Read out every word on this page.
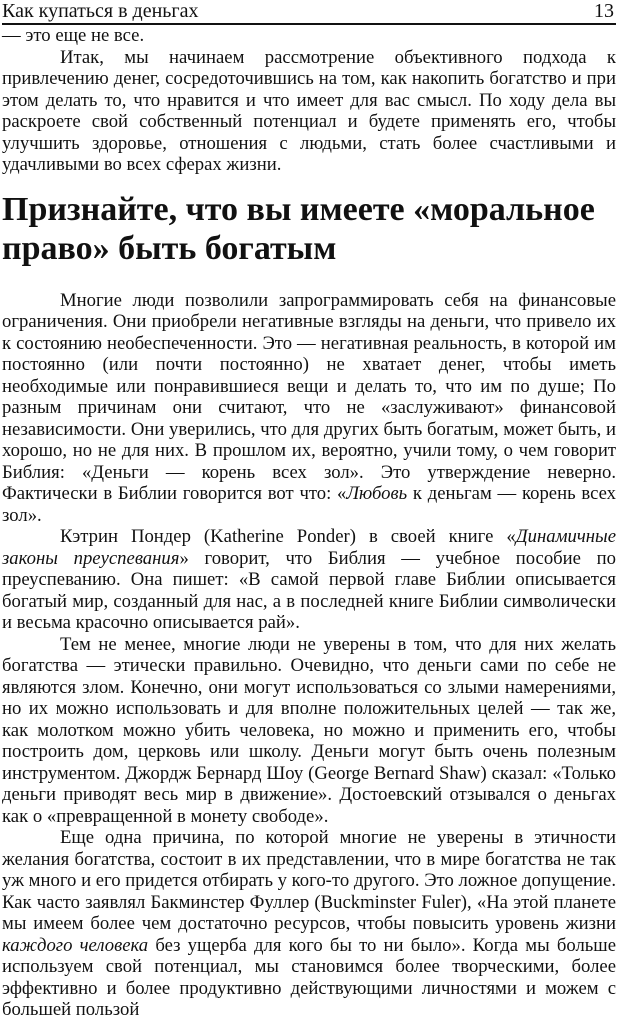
Как купаться в деньгах	13

— это еще не все.

Итак, мы начинаем рассмотрение объективного подхода к привлечению денег, сосредоточившись на том, как накопить богатство и при этом делать то, что нравится и что имеет для вас смысл. По ходу дела вы раскроете свой собственный потенциал и будете применять его, чтобы улучшить здоровье, отношения с людьми, стать более счастливыми и удачливыми во всех сферах жизни.

Признайте, что вы имеете «моральное право» быть богатым

Многие люди позволили запрограммировать себя на финансовые ограничения. Они приобрели негативные взгляды на деньги, что привело их к состоянию необеспеченности. Это — негативная реальность, в которой им постоянно (или почти постоянно) не хватает денег, чтобы иметь необходимые или понравившиеся вещи и делать то, что им по душе; По разным причинам они считают, что не «заслуживают» финансовой независимости. Они уверились, что для других быть богатым, может быть, и хорошо, но не для них. В прошлом их, вероятно, учили тому, о чем говорит Библия: «Деньги — корень всех зол». Это утверждение неверно. Фактически в Библии говорится вот что: «Любовь к деньгам — корень всех зол».

Кэтрин Пондер (Katherine Ponder) в своей книге «Динамичные законы преуспевания» говорит, что Библия — учебное пособие по преуспеванию. Она пишет: «В самой первой главе Библии описывается богатый мир, созданный для нас, а в последней книге Библии символически и весьма красочно описывается рай».

Тем не менее, многие люди не уверены в том, что для них желать богатства — этически правильно. Очевидно, что деньги сами по себе не являются злом. Конечно, они могут использоваться со злыми намерениями, но их можно использовать и для вполне положительных целей — так же, как молотком можно убить человека, но можно и применить его, чтобы построить дом, церковь или школу. Деньги могут быть очень полезным инструментом. Джордж Бернард Шоу (George Bernard Shaw) сказал: «Только деньги приводят весь мир в движение». Достоевский отзывался о деньгах как о «превращенной в монету свободе».

Еще одна причина, по которой многие не уверены в этичности желания богатства, состоит в их представлении, что в мире богатства не так уж много и его придется отбирать у кого-то другого. Это ложное допущение. Как часто заявлял Бакминстер Фуллер (Buckminster Fuler), «На этой планете мы имеем более чем достаточно ресурсов, чтобы повысить уровень жизни каждого человека без ущерба для кого бы то ни было». Когда мы больше используем свой потенциал, мы становимся более творческими, более эффективно и более продуктивно действующими личностями и можем с большей пользой
